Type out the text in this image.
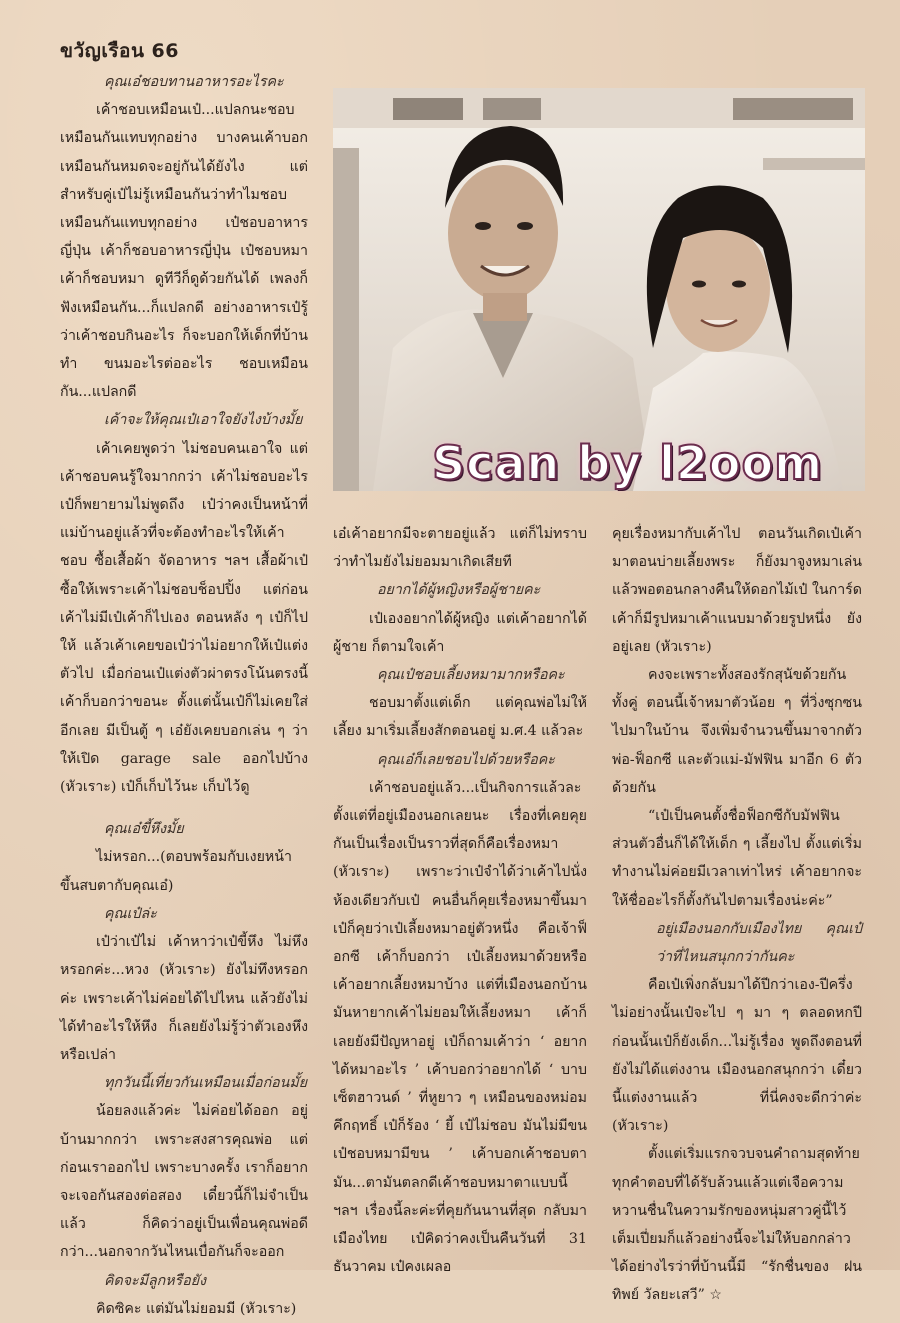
ขวัญเรือน 66

คุณเอ๋ชอบทานอาหารอะไรคะ

เค้าชอบเหมือนเป๋...แปลกนะชอบเหมือนกันแทบทุกอย่าง บางคนเค้าบอกเหมือนกันหมดจะอยู่กันได้ยังไง แต่สำหรับคู่เป๋ไม่รู้เหมือนกันว่าทำไมชอบเหมือนกันแทบทุกอย่าง เป๋ชอบอาหารญี่ปุ่น เค้าก็ชอบอาหารญี่ปุ่น เป๋ชอบหมาเค้าก็ชอบหมา ดูทีวีก็ดูด้วยกันได้ เพลงก็ฟังเหมือนกัน...ก็แปลกดี อย่างอาหารเป๋รู้ว่าเค้าชอบกินอะไร ก็จะบอกให้เด็กที่บ้านทำ ขนมอะไรต่ออะไร ชอบเหมือนกัน...แปลกดี

เค้าจะให้คุณเป๋เอาใจยังไงบ้างมั้ย

เค้าเคยพูดว่า ไม่ชอบคนเอาใจ แต่เค้าชอบคนรู้ใจมากกว่า เค้าไม่ชอบอะไรเป๋ก็พยายามไม่พูดถึง เป๋ว่าคงเป็นหน้าที่แม่บ้านอยู่แล้วที่จะต้องทำอะไรให้เค้าชอบ ซื้อเสื้อผ้า จัดอาหาร ฯลฯ เสื้อผ้าเป๋ซื้อให้เพราะเค้าไม่ชอบช็อปปิ้ง แต่ก่อนเค้าไม่มีเป๋เค้าก็ไปเอง ตอนหลัง ๆ เป๋ก็ไปให้ แล้วเค้าเคยขอเป๋ว่าไม่อยากให้เป๋แต่งตัวไป เมื่อก่อนเป๋แต่งตัวผ่าตรงโน้นตรงนี้ เค้าก็บอกว่าขอนะ ตั้งแต่นั้นเป๋ก็ไม่เคยใส่อีกเลย มีเป็นตู้ ๆ เอ๋ยังเคยบอกเล่น ๆ ว่าให้เปิด garage sale ออกไปบ้าง (หัวเราะ) เป๋ก็เก็บไว้นะ เก็บไว้ดู

คุณเอ๋ขี้หึงมั้ย

ไม่หรอก...(ตอบพร้อมกับเงยหน้าขึ้นสบตากับคุณเอ๋)

คุณเป๋ล่ะ

เป๋ว่าเป๋ไม่ เค้าหาว่าเป๋ขี้หึง ไม่หึงหรอกค่ะ...หวง (หัวเราะ) ยังไม่ทึงหรอกค่ะ เพราะเค้าไม่ค่อยได้ไปไหน แล้วยังไม่ได้ทำอะไรให้หึง ก็เลยยังไม่รู้ว่าตัวเองหึงหรือเปล่า

ทุกวันนี้เที่ยวกันเหมือนเมื่อก่อนมั้ย

น้อยลงแล้วค่ะ ไม่ค่อยได้ออก อยู่บ้านมากกว่า เพราะสงสารคุณพ่อ แต่ก่อนเราออกไป เพราะบางครั้ง เราก็อยากจะเจอกันสองต่อสอง เดี๋ยวนี้ก็ไม่จำเป็นแล้ว ก็คิดว่าอยู่เป็นเพื่อนคุณพ่อดีกว่า...นอกจากวันไหนเบื่อกันก็จะออก

คิดจะมีลูกหรือยัง

คิดซิคะ แต่มันไม่ยอมมี (หัวเราะ)

Scan by l2oom

เอ๋เค้าอยากมีจะตายอยู่แล้ว แต่ก็ไม่ทราบว่าทำไมยังไม่ยอมมาเกิดเสียที

อยากได้ผู้หญิงหรือผู้ชายคะ

เป๋เองอยากได้ผู้หญิง แต่เค้าอยากได้ผู้ชาย ก็ตามใจเค้า

คุณเป๋ชอบเลี้ยงหมามากหรือคะ

ชอบมาตั้งแต่เด็ก แต่คุณพ่อไม่ให้เลี้ยง มาเริ่มเลี้ยงสักตอนอยู่ ม.ศ.4 แล้วละ

คุณเอ๋ก็เลยชอบไปด้วยหรือคะ

เค้าชอบอยู่แล้ว...เป็นกิจการแล้วละ ตั้งแต่ที่อยู่เมืองนอกเลยนะ เรื่องที่เคยคุยกันเป็นเรื่องเป็นราวที่สุดก็คือเรื่องหมา (หัวเราะ) เพราะว่าเป๋จำได้ว่าเค้าไปนั่งห้องเดียวกับเป๋ คนอื่นก็คุยเรื่องหมาขึ้นมา เป๋ก็คุยว่าเป๋เลี้ยงหมาอยู่ตัวหนึ่ง คือเจ้าฟ็อกซี เค้าก็บอกว่า เป๋เลี้ยงหมาด้วยหรือ เค้าอยากเลี้ยงหมาบ้าง แต่ที่เมืองนอกบ้านมันหายากเค้าไม่ยอมให้เลี้ยงหมา เค้าก็เลยยังมีปัญหาอยู่ เป๋ก็ถามเค้าว่า ‘ อยากได้หมาอะไร ’ เค้าบอกว่าอยากได้ ‘ บาบเซ็ตฮาวนด์ ’ ที่หูยาว ๆ เหมือนของหม่อมคึกฤทธิ์ เป๋ก็ร้อง ‘ ยี้ เป๋ไม่ชอบ มันไม่มีขน เป๋ชอบหมามีขน ’ เค้าบอกเค้าชอบตามัน...ตามันตลกดีเค้าชอบหมาตาแบบนี้ ฯลฯ เรื่องนี้ละค่ะที่คุยกันนานที่สุด กลับมาเมืองไทย เป๋คิดว่าคงเป็นคืนวันที่ 31 ธันวาคม เป๋คงเผลอ

คุยเรื่องหมากับเค้าไป ตอนวันเกิดเป๋เค้ามาตอนบ่ายเลี้ยงพระ ก็ยังมาจูงหมาเล่นแล้วพอตอนกลางคืนให้ดอกไม้เป๋ ในการ์ดเค้าก็มีรูปหมาเค้าแนบมาด้วยรูปหนึ่ง ยังอยู่เลย (หัวเราะ)

คงจะเพราะทั้งสองรักสุนัขด้วยกันทั้งคู่ ตอนนี้เจ้าหมาตัวน้อย ๆ ที่วิ่งซุกซนไปมาในบ้าน จึงเพิ่มจำนวนขึ้นมาจากตัวพ่อ-ฟ็อกซี และตัวแม่-มัฟฟิน มาอีก 6 ตัวด้วยกัน

“เป๋เป็นคนตั้งชื่อฟ็อกซีกับมัฟฟินส่วนตัวอื่นก็ได้ให้เด็ก ๆ เลี้ยงไป ตั้งแต่เริ่มทำงานไม่ค่อยมีเวลาเท่าไหร่ เค้าอยากจะให้ชื่ออะไรก็ตั้งกันไปตามเรื่องน่ะค่ะ”

อยู่เมืองนอกกับเมืองไทย คุณเป๋ว่าที่ไหนสนุกกว่ากันคะ

คือเป๋เพิ่งกลับมาได้ปีกว่าเอง-ปีครึ่งไม่อย่างนั้นเป๋จะไป ๆ มา ๆ ตลอดหกปีก่อนนั้นเป๋ก็ยังเด็ก...ไม่รู้เรื่อง พูดถึงตอนที่ยังไม่ได้แต่งงาน เมืองนอกสนุกกว่า เดี๋ยวนี้แต่งงานแล้ว ที่นี่คงจะดีกว่าค่ะ (หัวเราะ)

ตั้งแต่เริ่มแรกจวบจนคำถามสุดท้ายทุกคำตอบที่ได้รับล้วนแล้วแต่เจือความหวานชื่นในความรักของหนุ่มสาวคู่นี้ไว้เต็มเปี่ยมก็แล้วอย่างนี้จะไม่ให้บอกกล่าวได้อย่างไรว่าที่บ้านนี้มี “รักชื่นของ ฝนทิพย์ วัลยะเสวี” ☆
